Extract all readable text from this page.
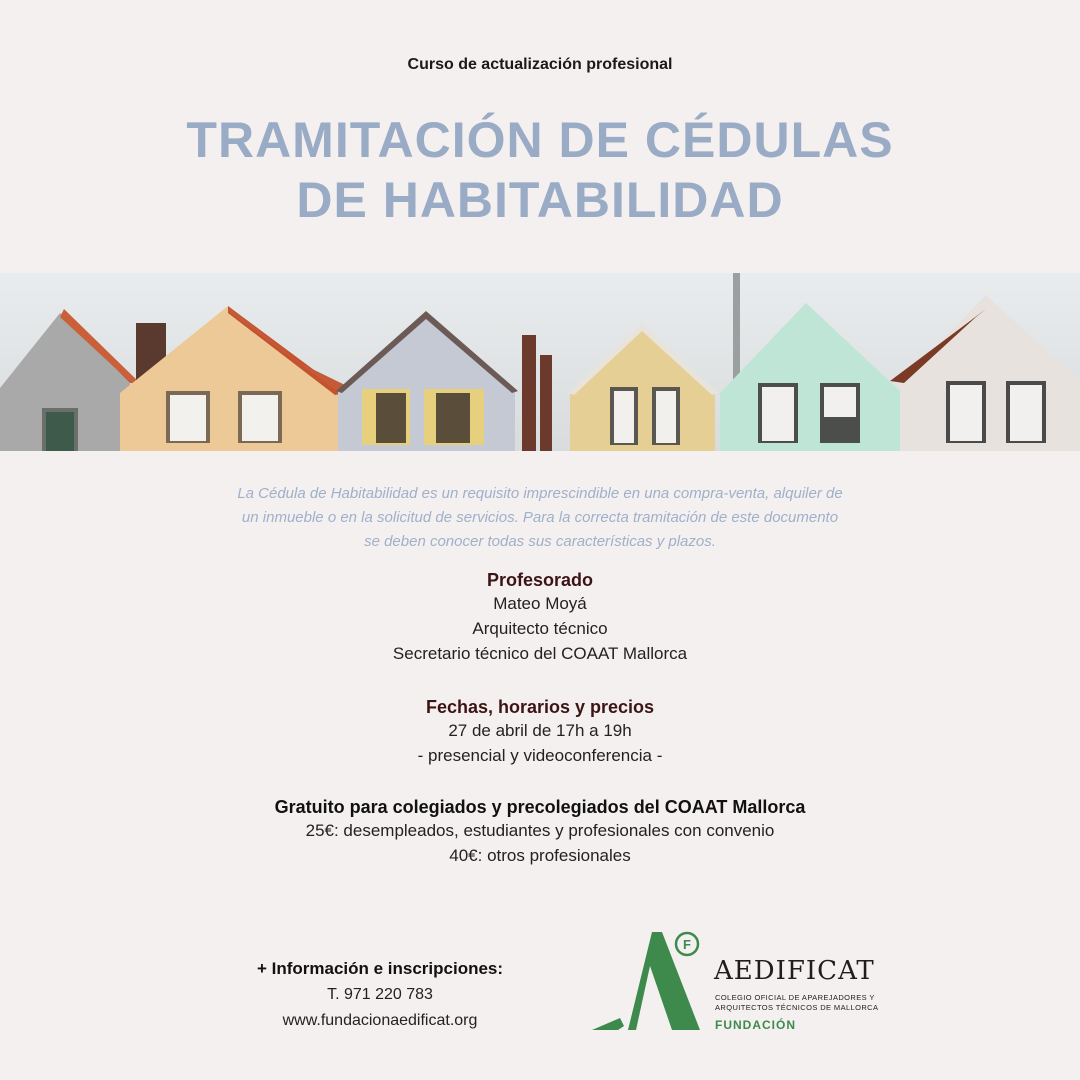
Curso de actualización profesional
TRAMITACIÓN DE CÉDULAS
DE HABITABILIDAD
La Cédula de Habitabilidad es un requisito imprescindible en una compra-venta, alquiler de
un inmueble o en la solicitud de servicios. Para la correcta tramitación de este documento
se deben conocer todas sus características y plazos.
Profesorado
Mateo Moyá
Arquitecto técnico
Secretario técnico del COAAT Mallorca
Fechas, horarios y precios
27 de abril de 17h a 19h
- presencial y videoconferencia -
Gratuito para colegiados y precolegiados del COAAT Mallorca
25€: desempleados, estudiantes y profesionales con convenio
40€: otros profesionales
+ Información e inscripciones:
T. 971 220 783
www.fundacionaedificat.org
F
AEDIFICAT
COLEGIO OFICIAL DE APAREJADORES Y
ARQUITECTOS TÉCNICOS DE MALLORCA
FUNDACIÓN
